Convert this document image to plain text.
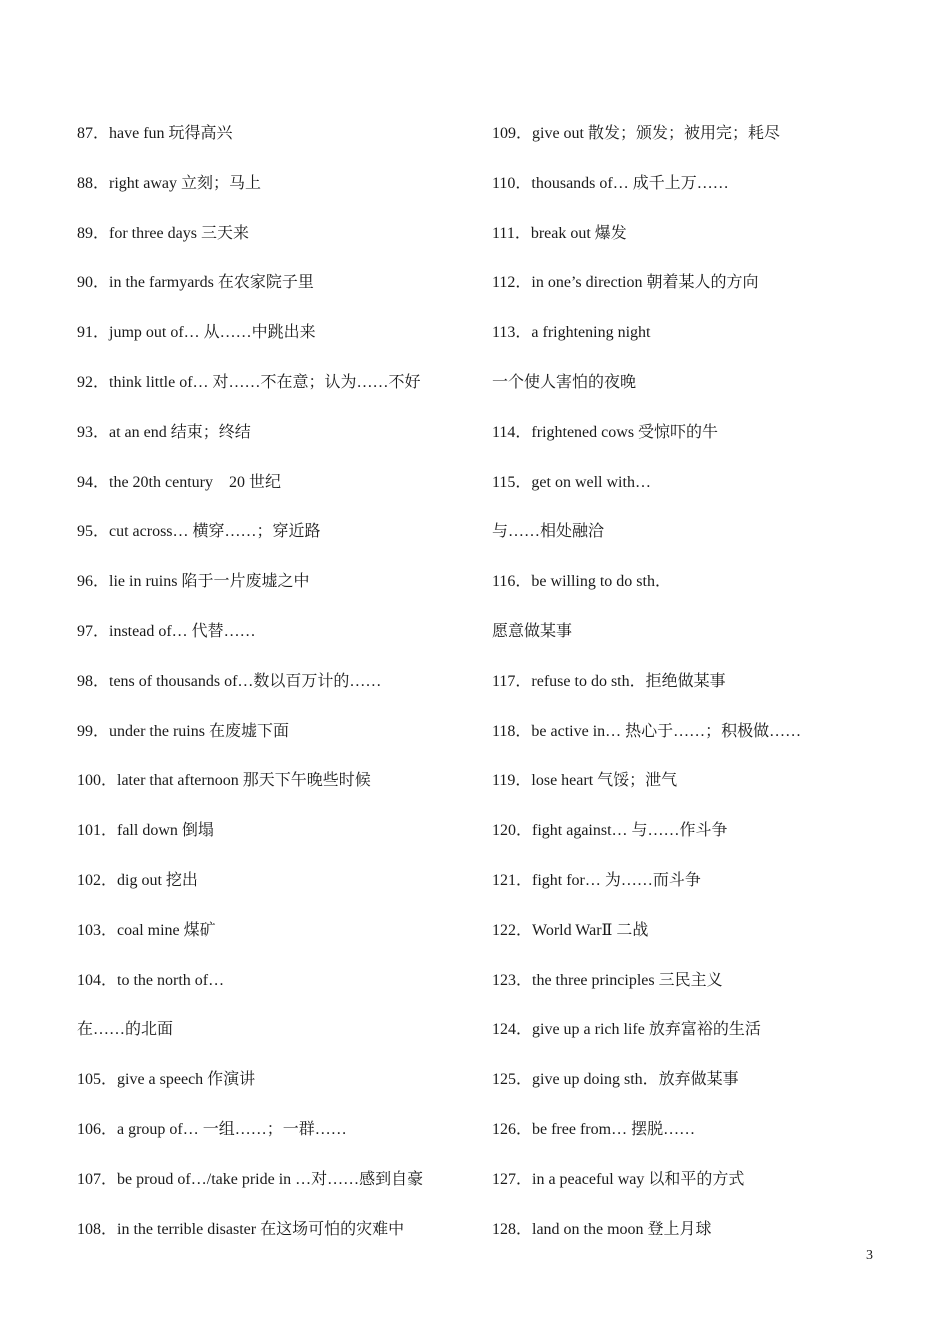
87．have fun 玩得高兴
88．right away 立刻；马上
89．for three days 三天来
90．in the farmyards 在农家院子里
91．jump out of… 从……中跳出来
92．think little of… 对……不在意；认为……不好
93．at an end 结束；终结
94．the 20th century　20 世纪
95．cut across… 横穿……；穿近路
96．lie in ruins 陷于一片废墟之中
97．instead of… 代替……
98．tens of thousands of…数以百万计的……
99．under the ruins 在废墟下面
100．later that afternoon 那天下午晚些时候
101．fall down 倒塌
102．dig out 挖出
103．coal mine 煤矿
104．to the north of…
在……的北面
105．give a speech 作演讲
106．a group of… 一组……；一群……
107．be proud of…/take pride in …对……感到自豪
108．in the terrible disaster 在这场可怕的灾难中
109．give out 散发；颁发；被用完；耗尽
110．thousands of… 成千上万……
111．break out 爆发
112．in one’s direction 朝着某人的方向
113．a frightening night
一个使人害怕的夜晚
114．frightened cows 受惊吓的牛
115．get on well with…
与……相处融洽
116．be willing to do sth．
愿意做某事
117．refuse to do sth．拒绝做某事
118．be active in… 热心于……；积极做……
119．lose heart 气馁；泄气
120．fight against… 与……作斗争
121．fight for… 为……而斗争
122．World WarⅡ 二战
123．the three principles 三民主义
124．give up a rich life 放弃富裕的生活
125．give up doing sth．放弃做某事
126．be free from… 摆脱……
127．in a peaceful way 以和平的方式
128．land on the moon 登上月球
3
